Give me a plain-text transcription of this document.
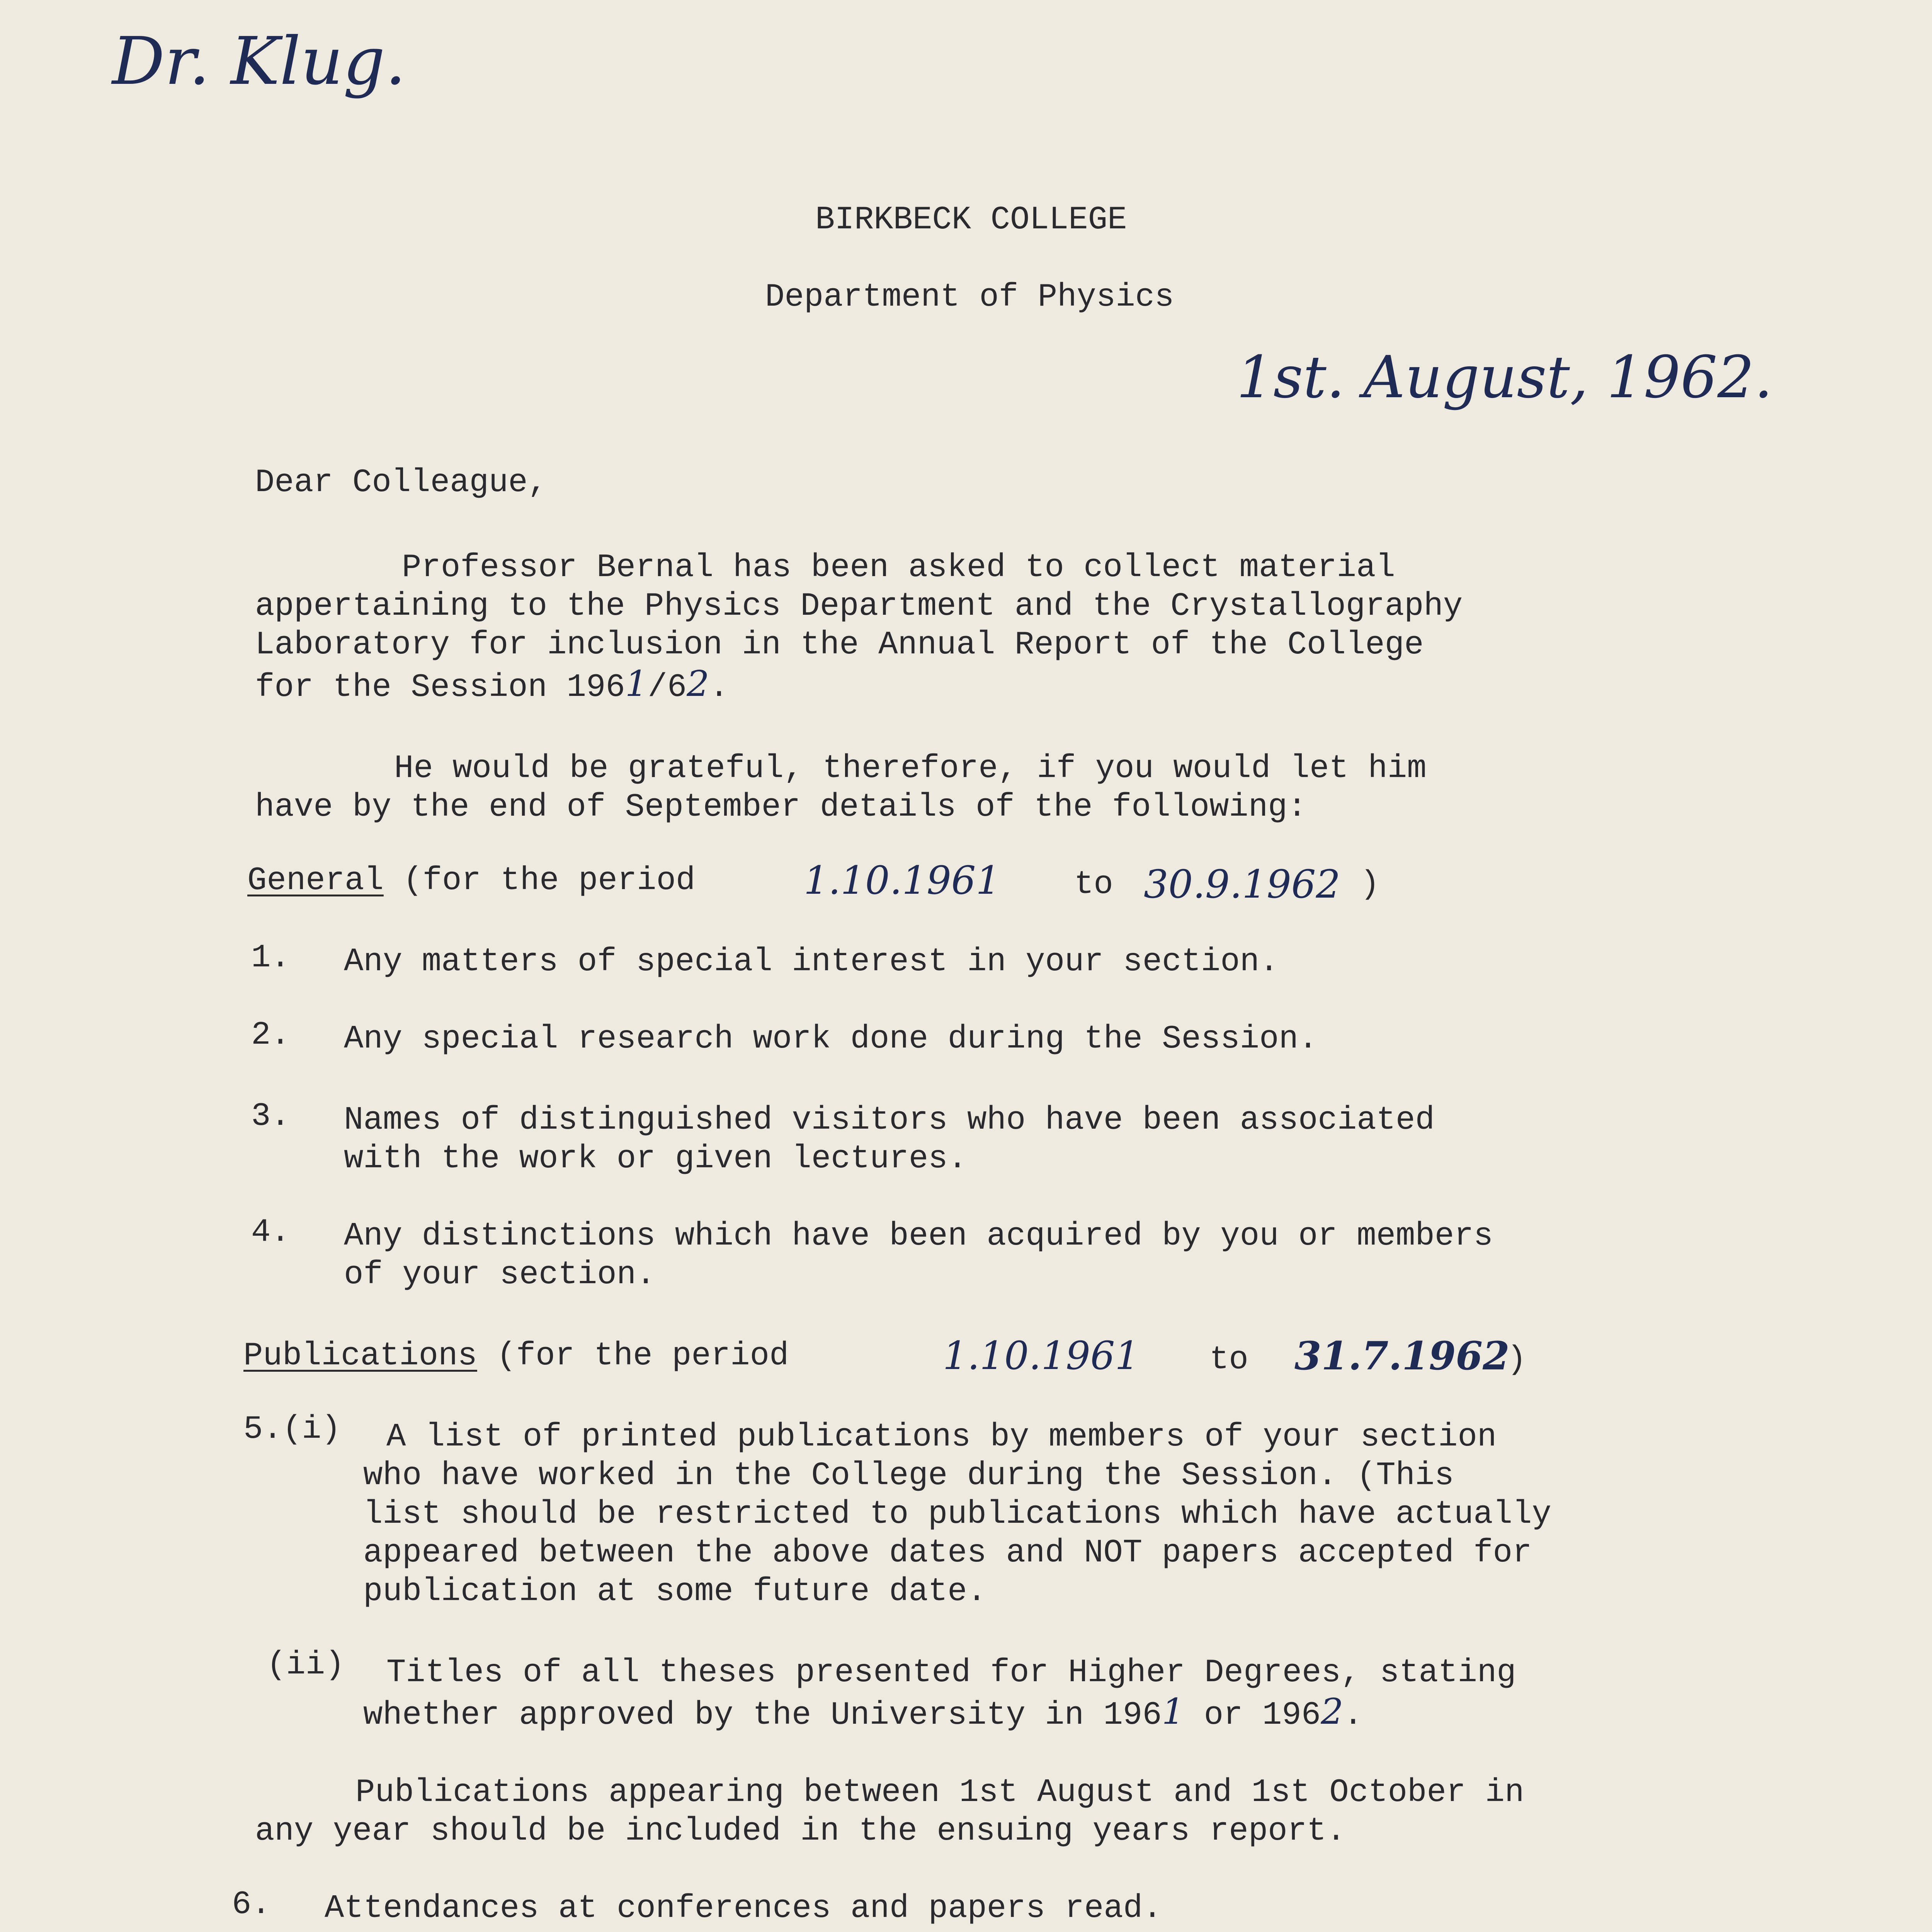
Dr. Klug.
BIRKBECK COLLEGE
Department of Physics
1st. August, 1962.
Dear Colleague,
Professor Bernal has been asked to collect material
appertaining to the Physics Department and the Crystallography
Laboratory for inclusion in the Annual Report of the College
for the Session 1961/62.
He would be grateful, therefore, if you would let him
have by the end of September details of the following:
General (for the period	1.10.1961 to 30.9.1962 )
1. Any matters of special interest in your section.
2. Any special research work done during the Session.
3. Names of distinguished visitors who have been associated
with the work or given lectures.
4. Any distinctions which have been acquired by you or members
of your section.
Publications (for the period	1.10.1961 to 31.7.1962
)
5.(i) A list of printed publications by members of your section
who have worked in the College during the Session. (This
list should be restricted to publications which have actually
appeared between the above dates and NOT papers accepted for
publication at some future date.
(ii) Titles of all theses presented for Higher Degrees, stating
whether approved by the University in 1961 or 1962.
Publications appearing between 1st August and 1st October in
any year should be included in the ensuing years report.
6. Attendances at conferences and papers read.
